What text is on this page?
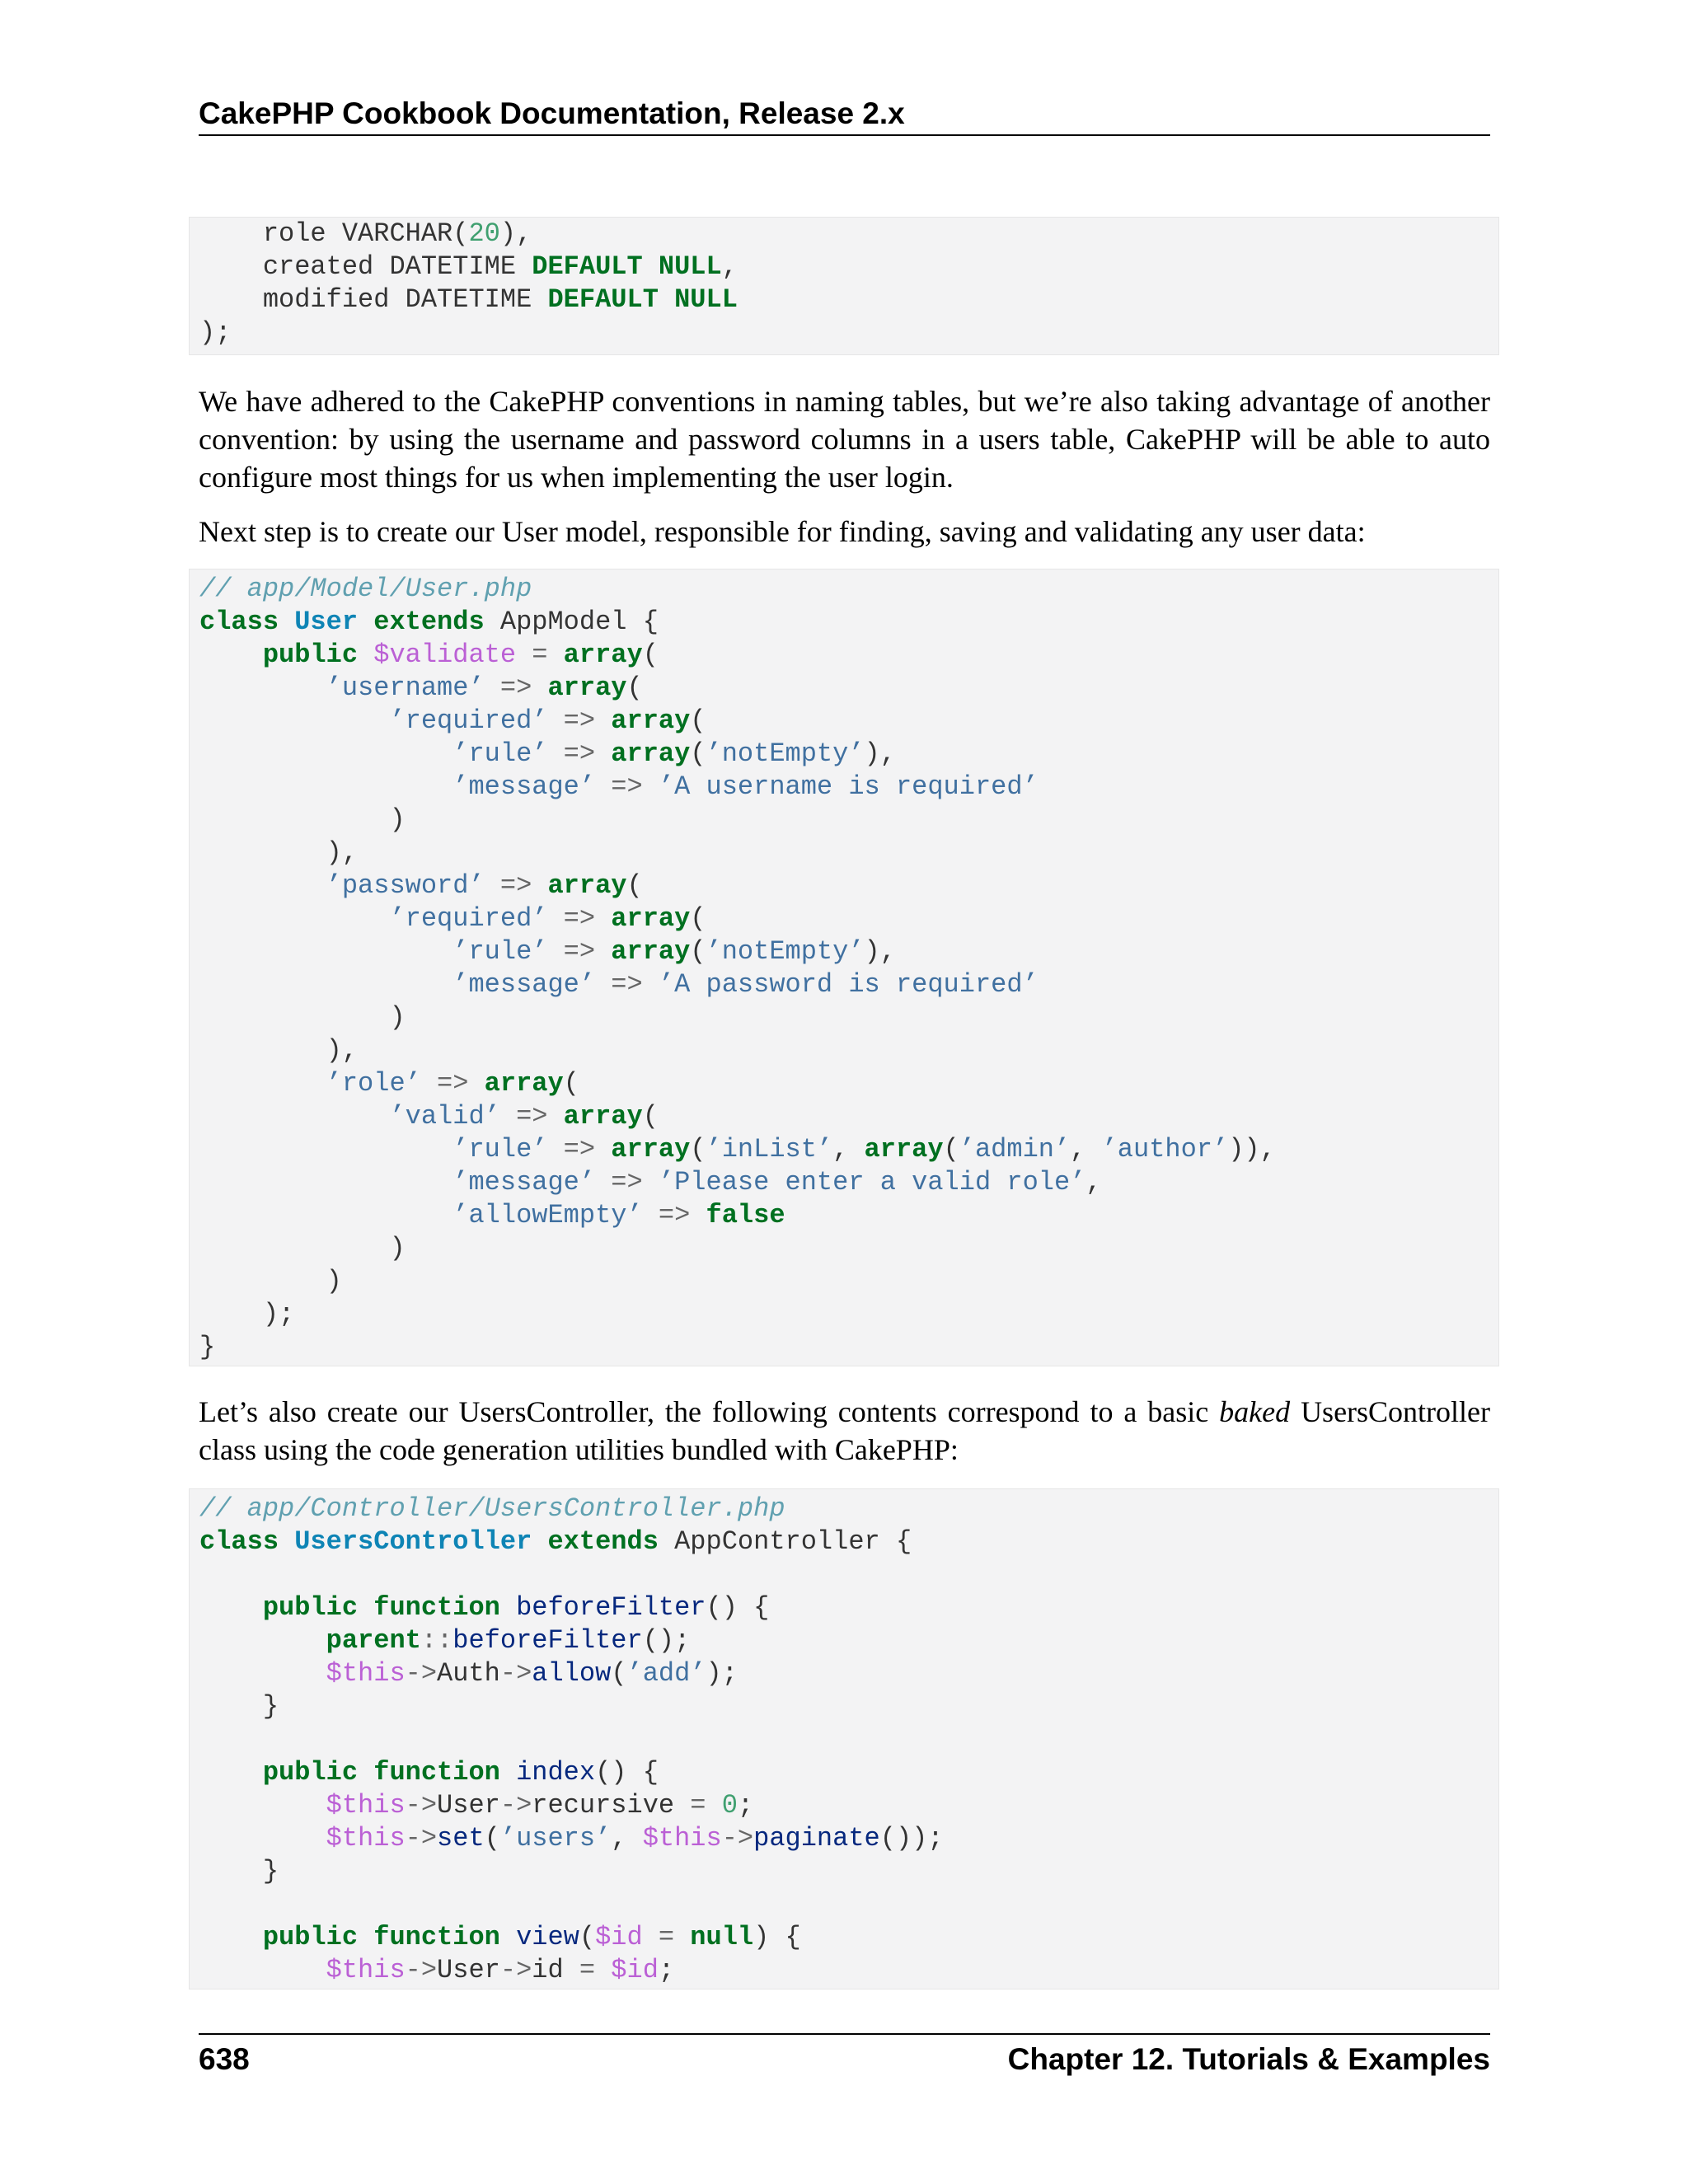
CakePHP Cookbook Documentation, Release 2.x
role VARCHAR(20),
created DATETIME DEFAULT NULL,
modified DATETIME DEFAULT NULL
);

We have adhered to the CakePHP conventions in naming tables, but we’re also taking advantage of another
convention: by using the username and password columns in a users table, CakePHP will be able to auto
configure most things for us when implementing the user login.

Next step is to create our User model, responsible for finding, saving and validating any user data:

// app/Model/User.php
class User extends AppModel {
public $validate = array(
’username’ => array(
’required’ => array(
’rule’ => array(’notEmpty’),
’message’ => ’A username is required’
)
),
’password’ => array(
’required’ => array(
’rule’ => array(’notEmpty’),
’message’ => ’A password is required’
)
),
’role’ => array(
’valid’ => array(
’rule’ => array(’inList’, array(’admin’, ’author’)),
’message’ => ’Please enter a valid role’,
’allowEmpty’ => false
)
)
);
}

Let’s also create our UsersController, the following contents correspond to a basic baked UsersController
class using the code generation utilities bundled with CakePHP:

// app/Controller/UsersController.php
class UsersController extends AppController {

public function beforeFilter() {
parent::beforeFilter();
$this->Auth->allow(’add’);
}

public function index() {
$this->User->recursive = 0;
$this->set(’users’, $this->paginate());
}

public function view($id = null) {
$this->User->id = $id;
638	Chapter 12. Tutorials & Examples
